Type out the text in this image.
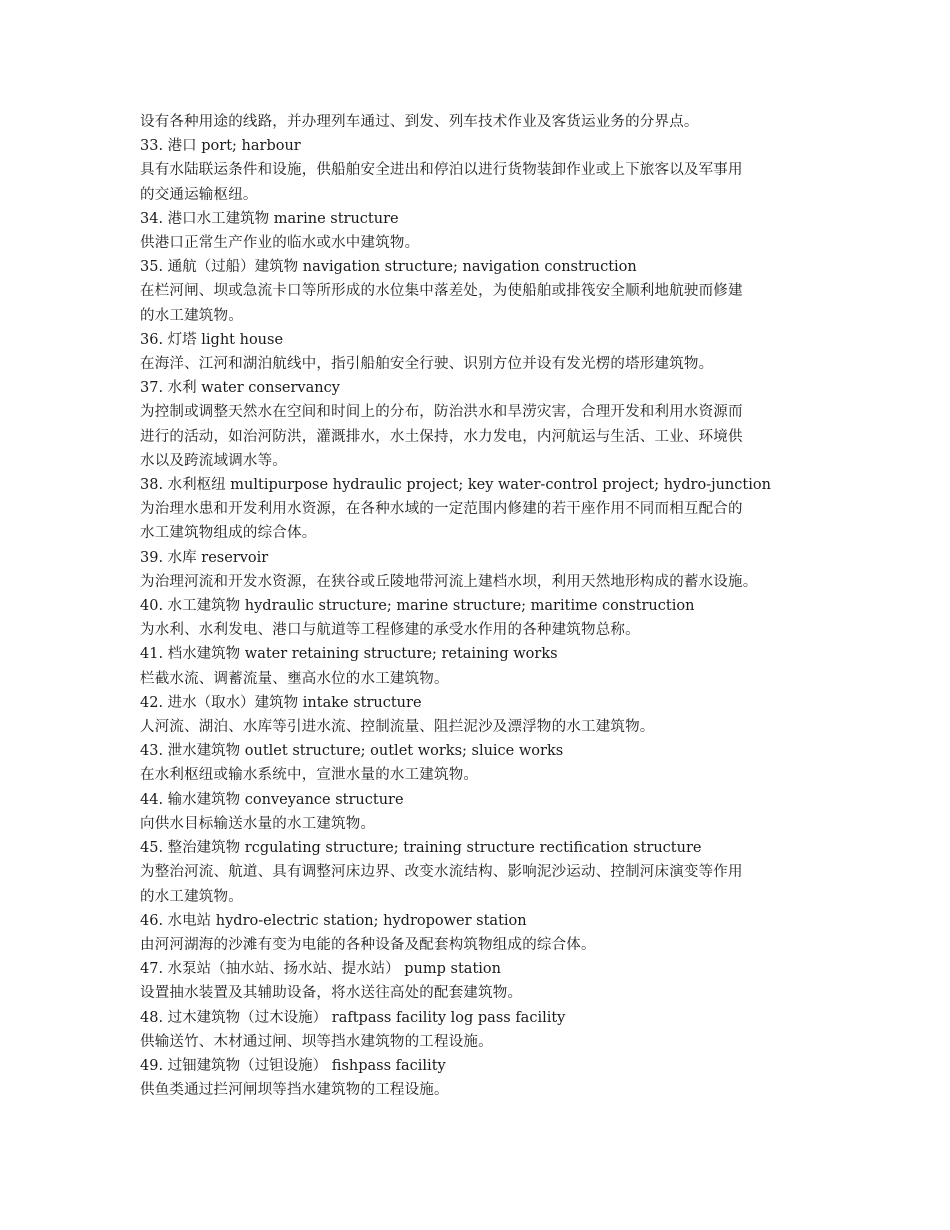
设有各种用途的线路，并办理列车通过、到发、列车技术作业及客货运业务的分界点。
33. 港口 port; harbour
具有水陆联运条件和设施，供船舶安全进出和停泊以进行货物装卸作业或上下旅客以及军事用
的交通运输枢纽。
34. 港口水工建筑物 marine structure
供港口正常生产作业的临水或水中建筑物。
35. 通航（过船）建筑物 navigation structure; navigation construction
在栏河闸、坝或急流卡口等所形成的水位集中落差处，为使船舶或排筏安全顺利地航驶而修建
的水工建筑物。
36. 灯塔 light house
在海洋、江河和湖泊航线中，指引船舶安全行驶、识别方位并设有发光楞的塔形建筑物。
37. 水利 water conservancy
为控制或调整天然水在空间和时间上的分布，防治洪水和旱涝灾害，合理开发和利用水资源而
进行的活动，如治河防洪，灌溉排水，水土保持，水力发电，内河航运与生活、工业、环境供
水以及跨流域调水等。
38. 水利枢纽 multipurpose hydraulic project; key water-control project; hydro-junction
为治理水患和开发利用水资源，在各种水域的一定范围内修建的若干座作用不同而相互配合的
水工建筑物组成的综合体。
39. 水库 reservoir
为治理河流和开发水资源，在狭谷或丘陵地带河流上建档水坝，利用天然地形构成的蓄水设施。
40. 水工建筑物 hydraulic structure; marine structure; maritime construction
为水利、水利发电、港口与航道等工程修建的承受水作用的各种建筑物总称。
41. 档水建筑物 water retaining structure; retaining works
栏截水流、调蓄流量、壅高水位的水工建筑物。
42. 进水（取水）建筑物 intake structure
人河流、湖泊、水库等引进水流、控制流量、阻拦泥沙及漂浮物的水工建筑物。
43. 泄水建筑物 outlet structure; outlet works; sluice works
在水利枢纽或输水系统中，宣泄水量的水工建筑物。
44. 输水建筑物 conveyance structure
向供水目标输送水量的水工建筑物。
45. 整治建筑物 rcgulating structure; training structure rectification structure
为整治河流、航道、具有调整河床边界、改变水流结构、影响泥沙运动、控制河床演变等作用
的水工建筑物。
46. 水电站 hydro-electric station; hydropower station
由河河湖海的沙滩有变为电能的各种设备及配套构筑物组成的综合体。
47. 水泵站（抽水站、扬水站、提水站） pump station
设置抽水装置及其辅助设备，将水送往高处的配套建筑物。
48. 过木建筑物（过木设施） raftpass facility log pass facility
供输送竹、木材通过闸、坝等挡水建筑物的工程设施。
49. 过钿建筑物（过钽设施） fishpass facility
供鱼类通过拦河闸坝等挡水建筑物的工程设施。
